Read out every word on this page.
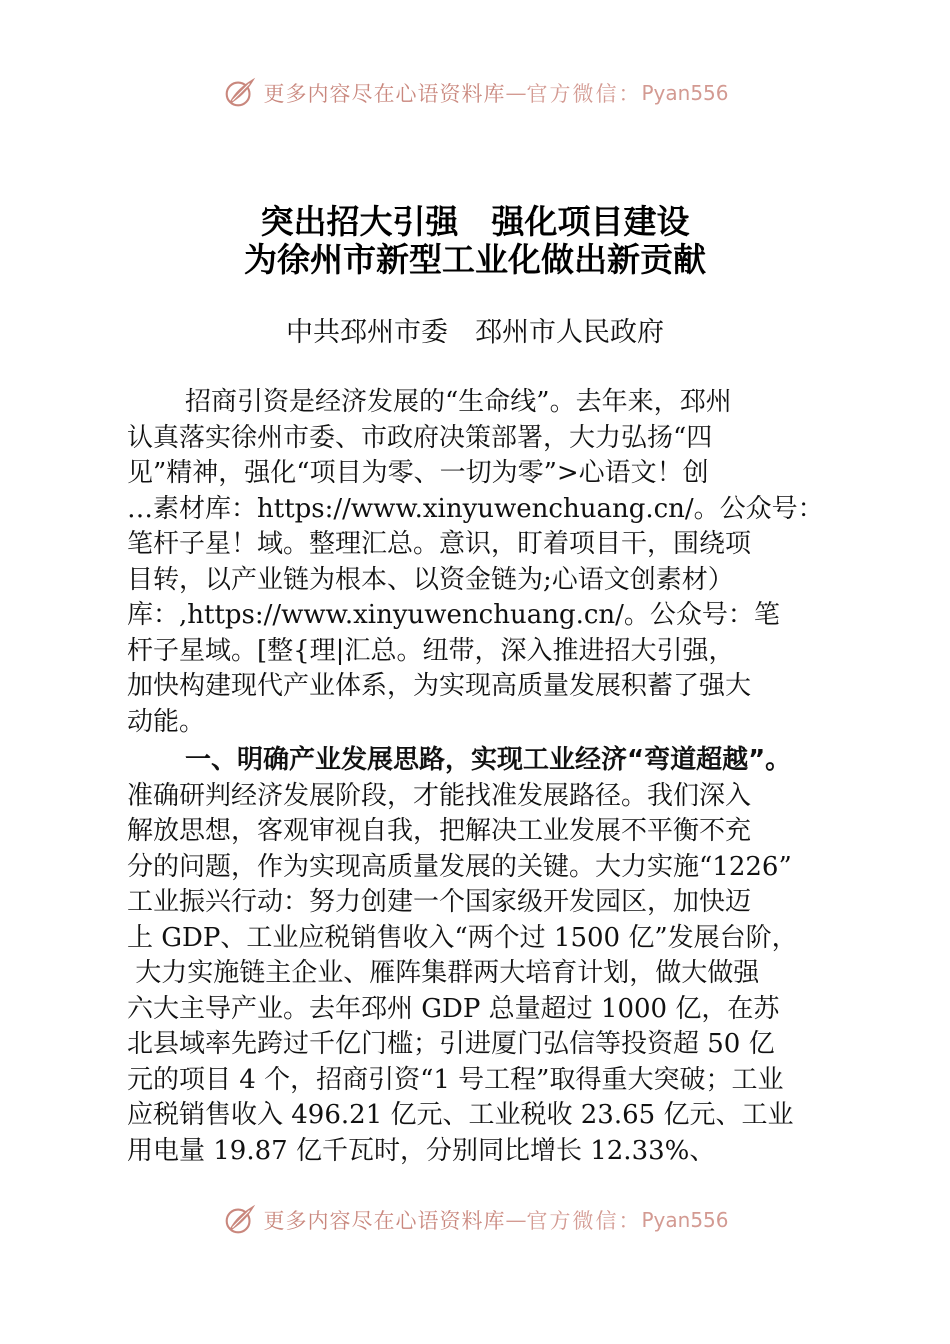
更多内容尽在心语资料库 — 官方微信： Pyan556
突出招大引强　强化项目建设
为徐州市新型工业化做出新贡献
中共邳州市委　邳州市人民政府
招商引资是经济发展的“生命线”。去年来，邳州
认真落实徐州市委、市政府决策部署，大力弘扬“四
见”精神，强化“项目为零、一切为零”>心语文！创
…素材库：https://www.xinyuwenchuang.cn/。公众号：
笔杆子星！域。整理汇总。意识，盯着项目干，围绕项
目转，以产业链为根本、以资金链为;心语文创素材）
库：,https://www.xinyuwenchuang.cn/。公众号：笔
杆子星域。[整{理|汇总。纽带，深入推进招大引强，
加快构建现代产业体系，为实现高质量发展积蓄了强大
动能。
一、明确产业发展思路，实现工业经济“弯道超越”。
准确研判经济发展阶段，才能找准发展路径。我们深入
解放思想，客观审视自我，把解决工业发展不平衡不充
分的问题，作为实现高质量发展的关键。大力实施“1226”
工业振兴行动：努力创建一个国家级开发园区，加快迈
上 GDP、工业应税销售收入“两个过 1500 亿”发展台阶，
大力实施链主企业、雁阵集群两大培育计划，做大做强
六大主导产业。去年邳州 GDP 总量超过 1000 亿，在苏
北县域率先跨过千亿门槛；引进厦门弘信等投资超 50 亿
元的项目 4 个，招商引资“1 号工程”取得重大突破；工业
应税销售收入 496.21 亿元、工业税收 23.65 亿元、工业
用电量 19.87 亿千瓦时，分别同比增长 12.33%、
更多内容尽在心语资料库 — 官方微信： Pyan556
